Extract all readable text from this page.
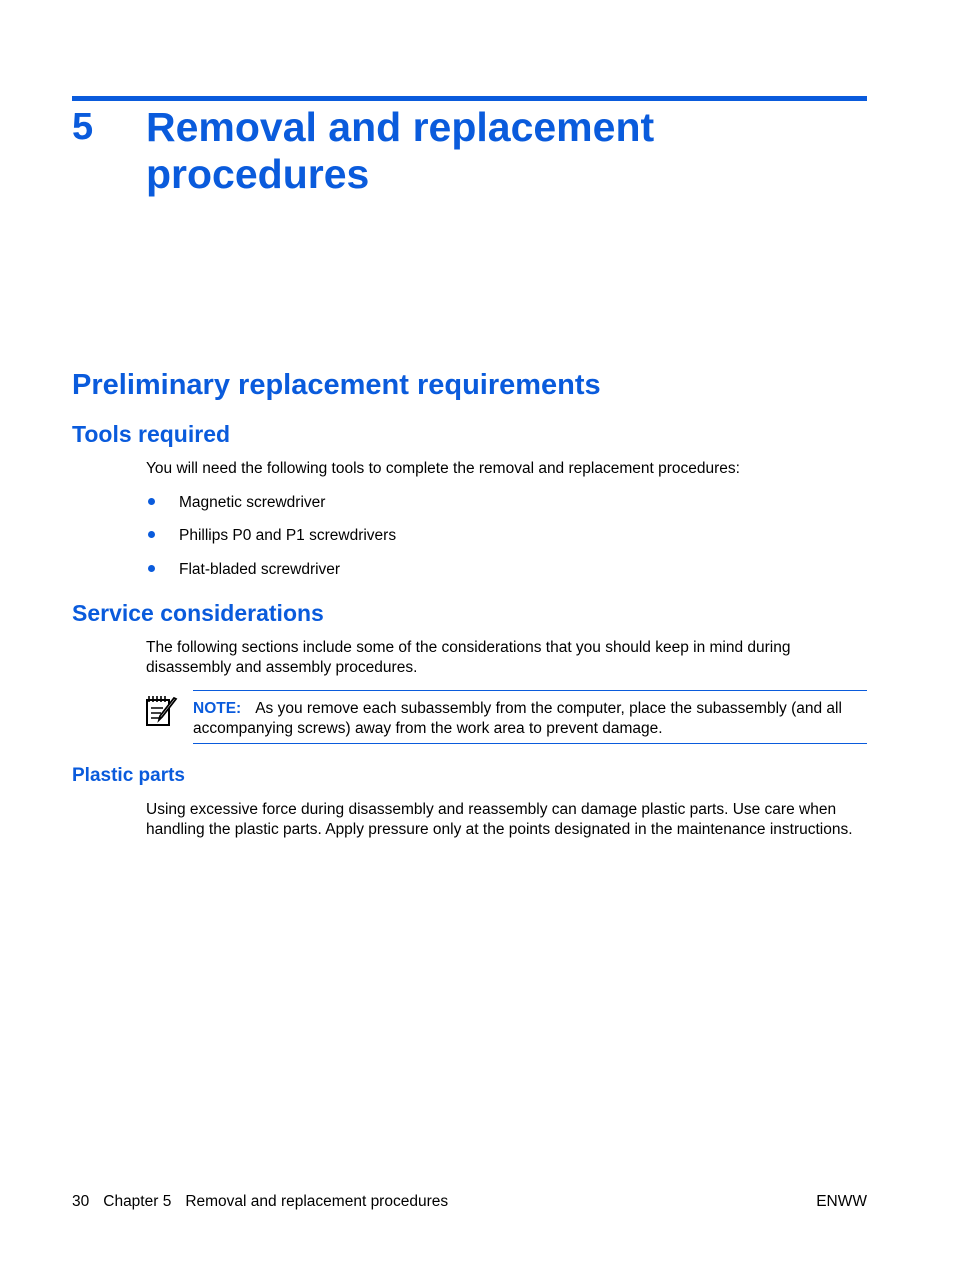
5 Removal and replacement procedures
Preliminary replacement requirements
Tools required
You will need the following tools to complete the removal and replacement procedures:
Magnetic screwdriver
Phillips P0 and P1 screwdrivers
Flat-bladed screwdriver
Service considerations
The following sections include some of the considerations that you should keep in mind during disassembly and assembly procedures.
NOTE: As you remove each subassembly from the computer, place the subassembly (and all accompanying screws) away from the work area to prevent damage.
Plastic parts
Using excessive force during disassembly and reassembly can damage plastic parts. Use care when handling the plastic parts. Apply pressure only at the points designated in the maintenance instructions.
30 Chapter 5 Removal and replacement procedures	ENWW
